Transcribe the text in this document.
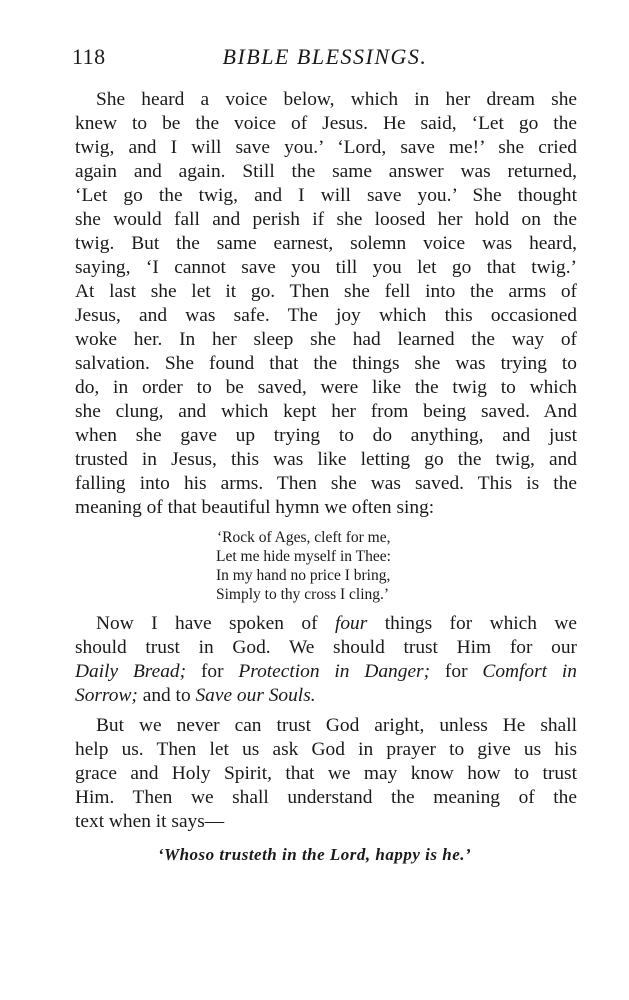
118	BIBLE BLESSINGS.
She heard a voice below, which in her dream she
knew to be the voice of Jesus. He said, ‘Let go the
twig, and I will save you.’ ‘Lord, save me!’ she cried
again and again. Still the same answer was returned,
‘Let go the twig, and I will save you.’ She thought
she would fall and perish if she loosed her hold on the
twig. But the same earnest, solemn voice was heard,
saying, ‘I cannot save you till you let go that twig.’
At last she let it go. Then she fell into the arms of
Jesus, and was safe. The joy which this occasioned
woke her. In her sleep she had learned the way of
salvation. She found that the things she was trying to
do, in order to be saved, were like the twig to which
she clung, and which kept her from being saved. And
when she gave up trying to do anything, and just
trusted in Jesus, this was like letting go the twig, and
falling into his arms. Then she was saved. This is the
meaning of that beautiful hymn we often sing:
‘Rock of Ages, cleft for me,
Let me hide myself in Thee:
In my hand no price I bring,
Simply to thy cross I cling.’
Now I have spoken of four things for which we
should trust in God. We should trust Him for our
Daily Bread; for Protection in Danger; for Comfort in
Sorrow; and to Save our Souls.
But we never can trust God aright, unless He shall
help us. Then let us ask God in prayer to give us his
grace and Holy Spirit, that we may know how to trust
Him. Then we shall understand the meaning of the
text when it says—
‘Whoso trusteth in the Lord, happy is he.’
